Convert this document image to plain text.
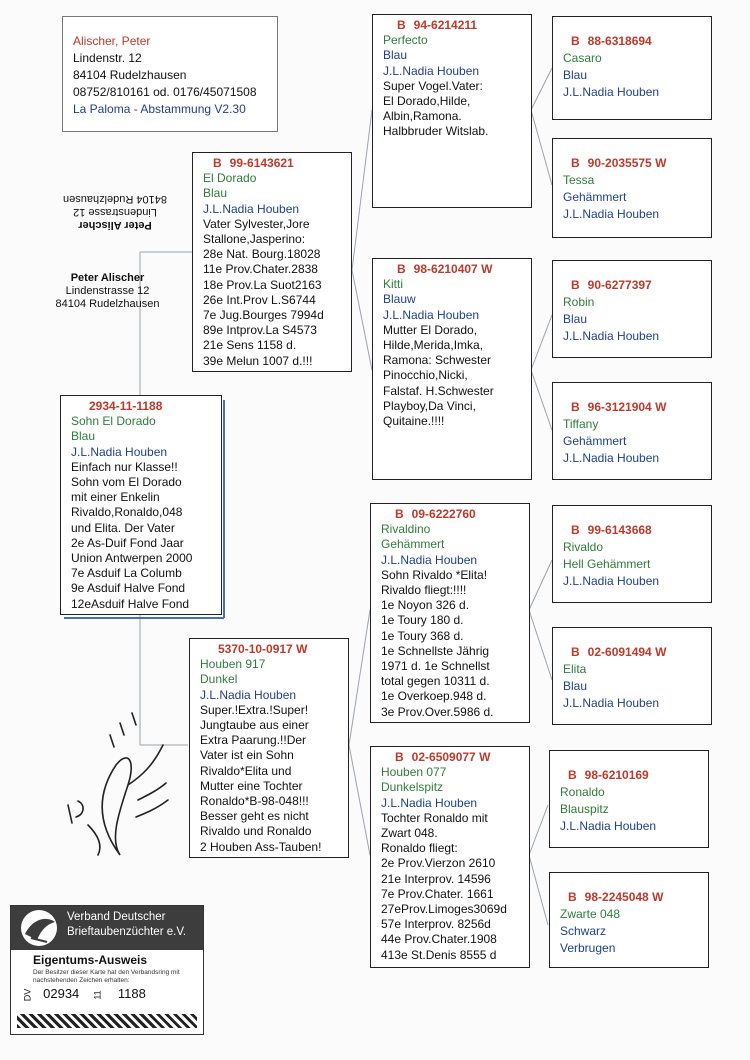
Alischer, Peter
Lindenstr. 12
84104 Rudelzhausen
08752/810161 od. 0176/45071508
La Paloma - Abstammung V2.30
Peter Alischer
Lindenstrasse 12
84104 Rudelzhausen
Peter Alischer
Lindenstrasse 12
84104 Rudelzhausen
2934-11-1188
Sohn El Dorado
Blau
J.L.Nadia Houben
Einfach nur Klasse!!
Sohn vom El Dorado
mit einer Enkelin
Rivaldo,Ronaldo,048
und Elita. Der Vater
2e As-Duif Fond Jaar
Union Antwerpen 2000
7e Asduif La Columb
9e Asduif Halve Fond
12eAsduif Halve Fond
B 99-6143621
El Dorado
Blau
J.L.Nadia Houben
Vater Sylvester,Jore
Stallone,Jasperino:
28e Nat. Bourg.18028
11e Prov.Chater.2838
18e Prov.La Suot2163
26e Int.Prov L.S6744
7e Jug.Bourges 7994d
89e Intprov.La S4573
21e Sens 1158 d.
39e Melun 1007 d.!!!
5370-10-0917 W
Houben 917
Dunkel
J.L.Nadia Houben
Super.!Extra.!Super!
Jungtaube aus einer
Extra Paarung.!!Der
Vater ist ein Sohn
Rivaldo*Elita und
Mutter eine Tochter
Ronaldo*B-98-048!!!
Besser geht es nicht
Rivaldo und Ronaldo
2 Houben Ass-Tauben!
B 94-6214211
Perfecto
Blau
J.L.Nadia Houben
Super Vogel.Vater:
El Dorado,Hilde,
Albin,Ramona.
Halbbruder Witslab.
B 98-6210407 W
Kitti
Blauw
J.L.Nadia Houben
Mutter El Dorado,
Hilde,Merida,Imka,
Ramona: Schwester
Pinocchio,Nicki,
Falstaf. H.Schwester
Playboy,Da Vinci,
Quitaine.!!!!
B 09-6222760
Rivaldino
Gehämmert
J.L.Nadia Houben
Sohn Rivaldo *Elita!
Rivaldo fliegt:!!!!
1e Noyon 326 d.
1e Toury 180 d.
1e Toury 368 d.
1e Schnellste Jährig
1971 d. 1e Schnellst
total gegen 10311 d.
1e Overkoep.948 d.
3e Prov.Over.5986 d.
B 02-6509077 W
Houben 077
Dunkelspitz
J.L.Nadia Houben
Tochter Ronaldo mit
Zwart 048.
Ronaldo fliegt:
2e Prov.Vierzon 2610
21e Interprov. 14596
7e Prov.Chater. 1661
27eProv.Limoges3069d
57e Interprov. 8256d
44e Prov.Chater.1908
413e St.Denis 8555 d
B 88-6318694
Casaro
Blau
J.L.Nadia Houben
B 90-2035575 W
Tessa
Gehämmert
J.L.Nadia Houben
B 90-6277397
Robin
Blau
J.L.Nadia Houben
B 96-3121904 W
Tiffany
Gehämmert
J.L.Nadia Houben
B 99-6143668
Rivaldo
Hell Gehämmert
J.L.Nadia Houben
B 02-6091494 W
Elita
Blau
J.L.Nadia Houben
B 98-6210169
Ronaldo
Blauspitz
J.L.Nadia Houben
B 98-2245048 W
Zwarte 048
Schwarz
Verbrugen
Verband Deutscher
Brieftaubenzüchter e.V.
Eigentums-Ausweis
Der Besitzer dieser Karte hat den Verbandsring mit nachstehenden Zeichen erhalten:
DV 02934 11 1188
